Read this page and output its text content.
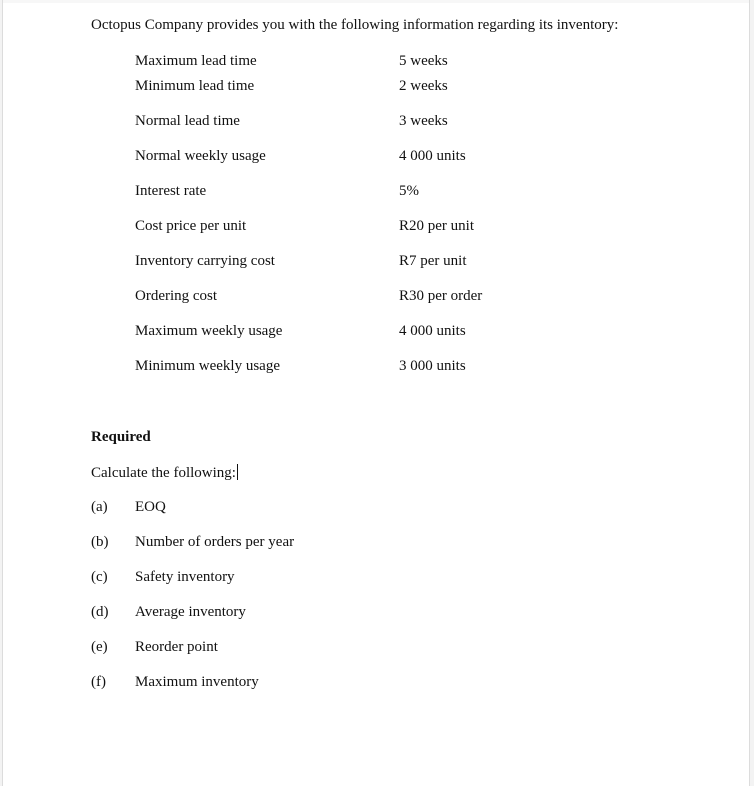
Octopus Company provides you with the following information regarding its inventory:
Maximum lead time	5 weeks
Minimum lead time	2 weeks
Normal lead time	3 weeks
Normal weekly usage	4 000 units
Interest rate	5%
Cost price per unit	R20 per unit
Inventory carrying cost	R7 per unit
Ordering cost	R30 per order
Maximum weekly usage	4 000 units
Minimum weekly usage	3 000 units
Required
Calculate the following:
(a) EOQ
(b) Number of orders per year
(c) Safety inventory
(d) Average inventory
(e) Reorder point
(f) Maximum inventory
